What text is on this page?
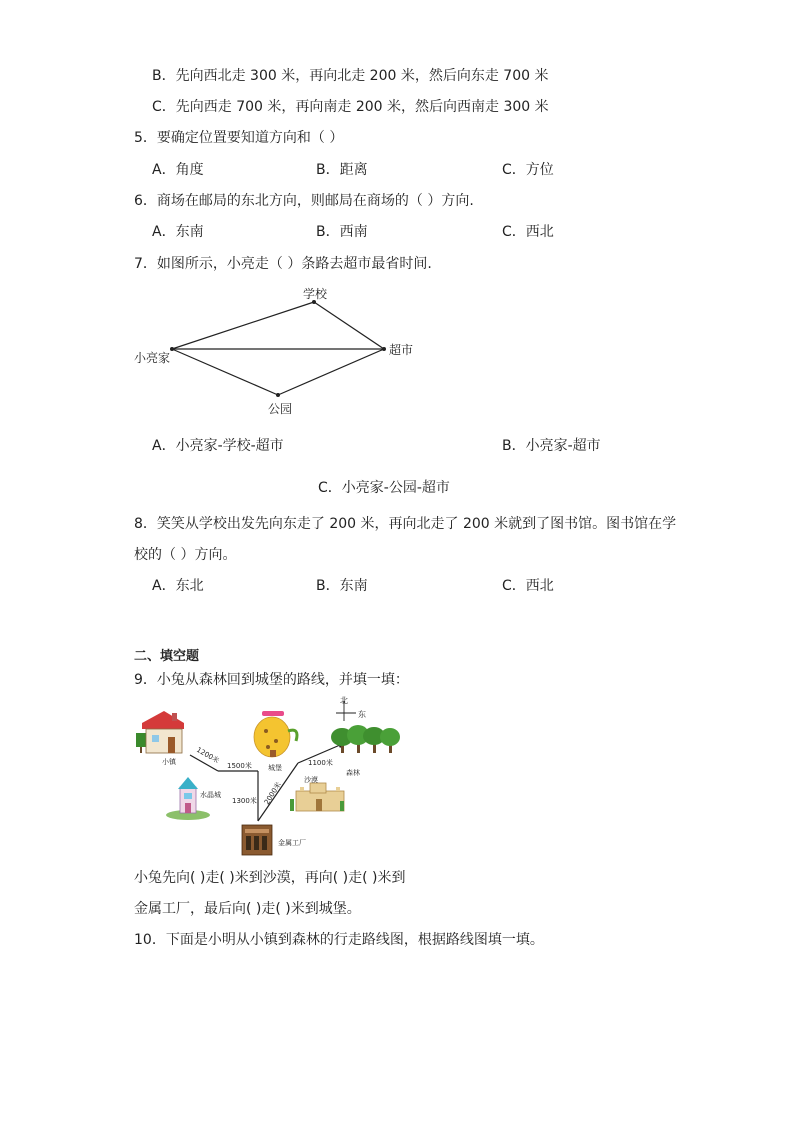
B．先向西北走 300 米，再向北走 200 米，然后向东走 700 米
C．先向西走 700 米，再向南走 200 米，然后向西南走 300 米
5．要确定位置要知道方向和（ ）
A．角度	B．距离	C．方位
6．商场在邮局的东北方向，则邮局在商场的（ ）方向.
A．东南	B．西南	C．西北
7．如图所示，小亮走（ ）条路去超市最省时间.
学校
小亮家
超市
公园
A．小亮家-学校-超市	B．小亮家-超市
C．小亮家-公园-超市
8．笑笑从学校出发先向东走了 200 米，再向北走了 200 米就到了图书馆。图书馆在学
校的（ ）方向。
A．东北	B．东南	C．西北
二、填空题
9．小兔从森林回到城堡的路线，并填一填：
北
东
小镇
城堡
森林
水晶城
沙漠
金属工厂
1200米
1500米
1300米 2000米
1100米
小兔先向( )走( )米到沙漠，再向( )走( )米到
金属工厂，最后向( )走( )米到城堡。
10．下面是小明从小镇到森林的行走路线图，根据路线图填一填。
